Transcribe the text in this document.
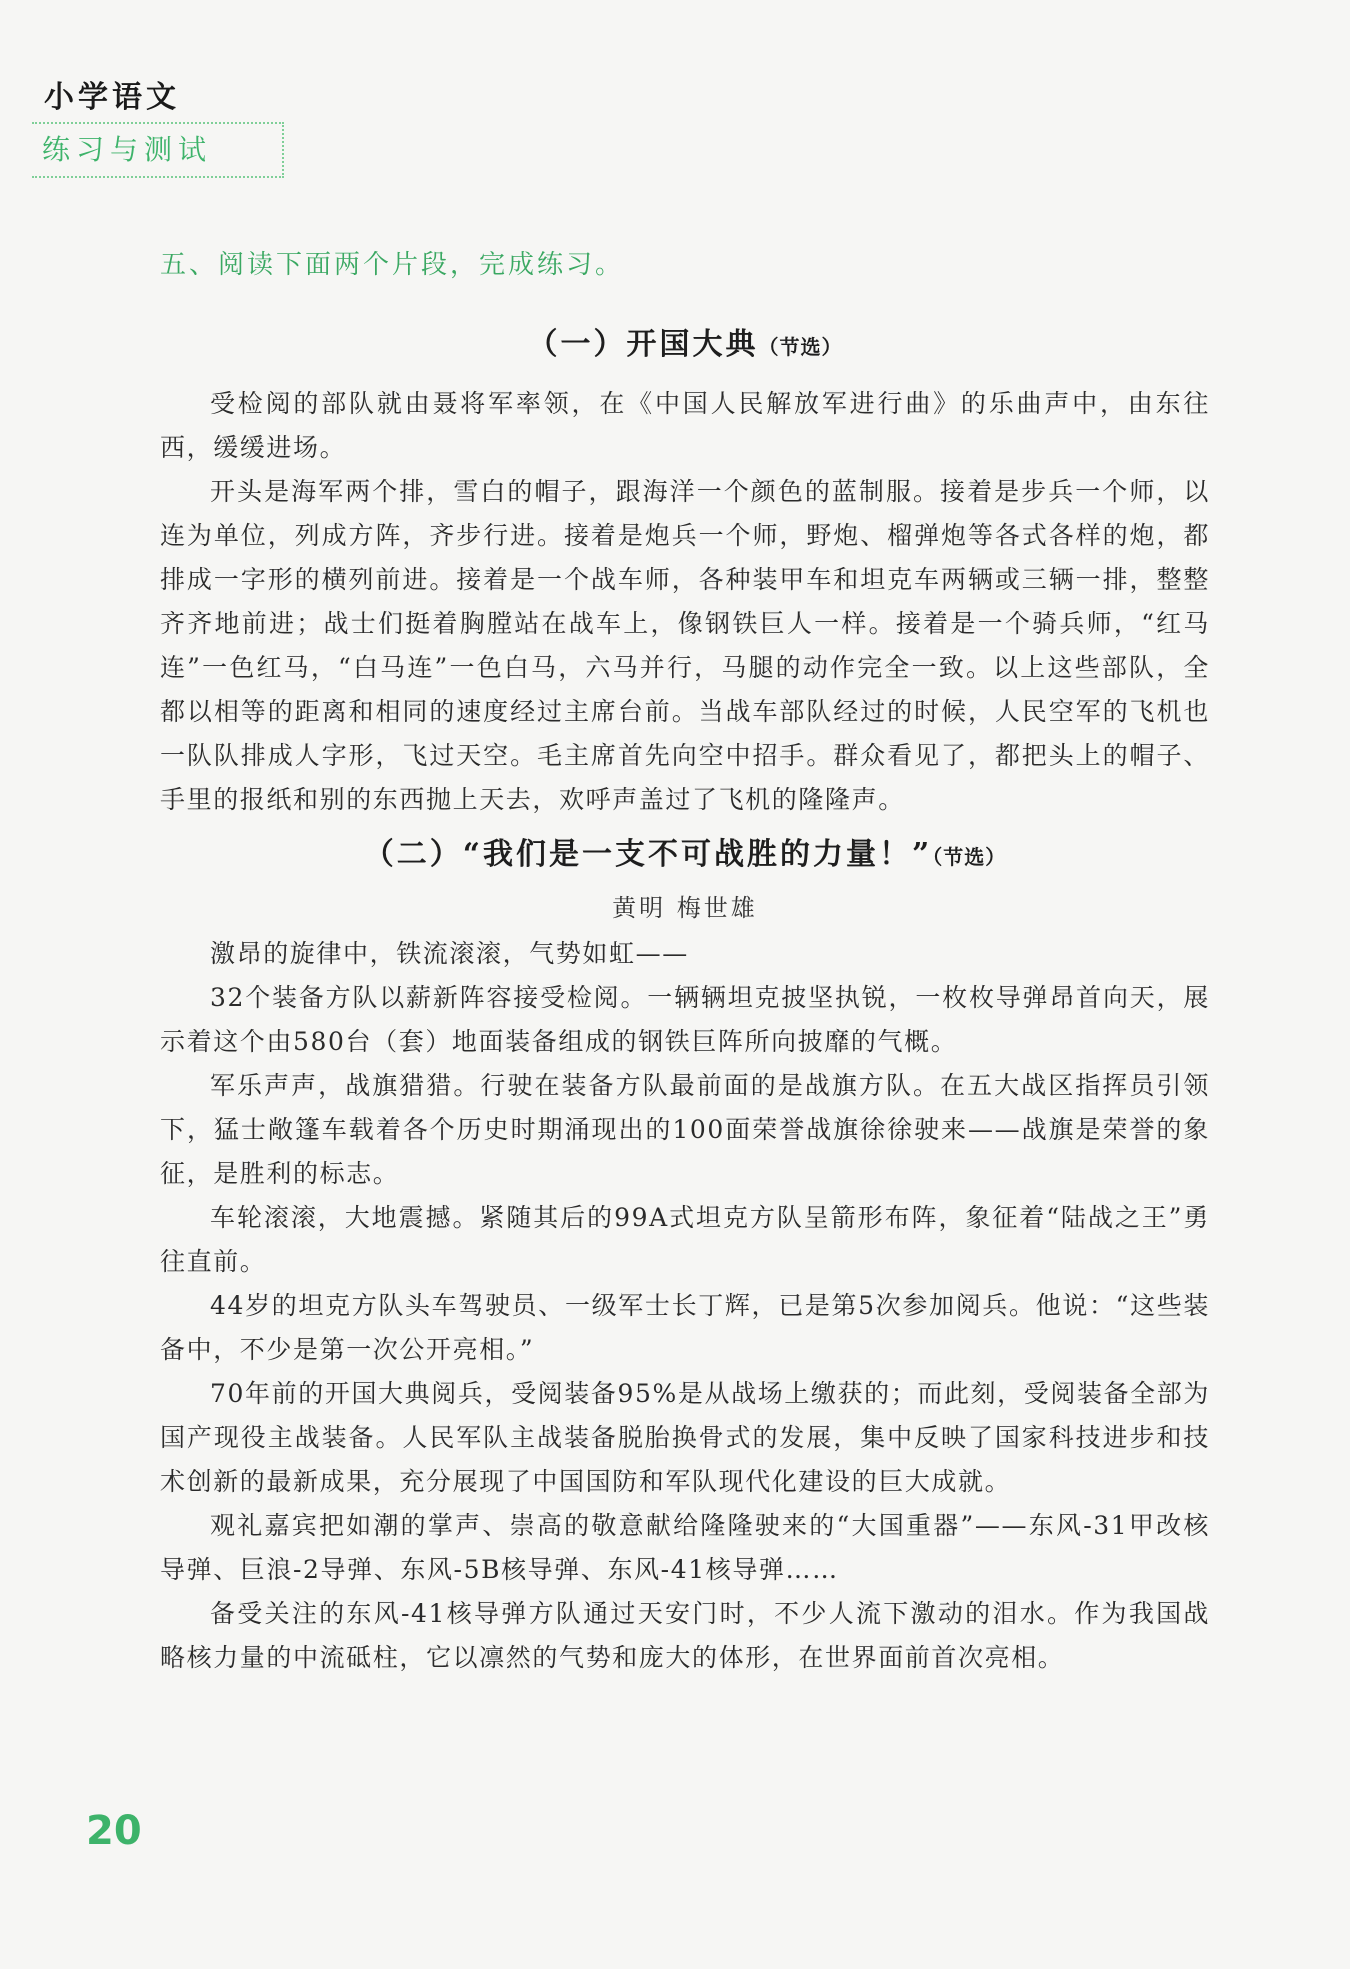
小学语文
练习与测试
五、阅读下面两个片段，完成练习。
（一）开国大典（节选）

受检阅的部队就由聂将军率领，在《中国人民解放军进行曲》的乐曲声中，由东往西，缓缓进场。

开头是海军两个排，雪白的帽子，跟海洋一个颜色的蓝制服。接着是步兵一个师，以连为单位，列成方阵，齐步行进。接着是炮兵一个师，野炮、榴弹炮等各式各样的炮，都排成一字形的横列前进。接着是一个战车师，各种装甲车和坦克车两辆或三辆一排，整整齐齐地前进；战士们挺着胸膛站在战车上，像钢铁巨人一样。接着是一个骑兵师，“红马连”一色红马，“白马连”一色白马，六马并行，马腿的动作完全一致。以上这些部队，全都以相等的距离和相同的速度经过主席台前。当战车部队经过的时候，人民空军的飞机也一队队排成人字形，飞过天空。毛主席首先向空中招手。群众看见了，都把头上的帽子、手里的报纸和别的东西抛上天去，欢呼声盖过了飞机的隆隆声。

（二）“我们是一支不可战胜的力量！”（节选）

黄明 梅世雄

激昂的旋律中，铁流滚滚，气势如虹——

32个装备方队以薪新阵容接受检阅。一辆辆坦克披坚执锐，一枚枚导弹昂首向天，展示着这个由580台（套）地面装备组成的钢铁巨阵所向披靡的气概。

军乐声声，战旗猎猎。行驶在装备方队最前面的是战旗方队。在五大战区指挥员引领下，猛士敞篷车载着各个历史时期涌现出的100面荣誉战旗徐徐驶来——战旗是荣誉的象征，是胜利的标志。

车轮滚滚，大地震撼。紧随其后的99A式坦克方队呈箭形布阵，象征着“陆战之王”勇往直前。

44岁的坦克方队头车驾驶员、一级军士长丁辉，已是第5次参加阅兵。他说：“这些装备中，不少是第一次公开亮相。”

70年前的开国大典阅兵，受阅装备95%是从战场上缴获的；而此刻，受阅装备全部为国产现役主战装备。人民军队主战装备脱胎换骨式的发展，集中反映了国家科技进步和技术创新的最新成果，充分展现了中国国防和军队现代化建设的巨大成就。

观礼嘉宾把如潮的掌声、崇高的敬意献给隆隆驶来的“大国重器”——东风-31甲改核导弹、巨浪-2导弹、东风-5B核导弹、东风-41核导弹……

备受关注的东风-41核导弹方队通过天安门时，不少人流下激动的泪水。作为我国战略核力量的中流砥柱，它以凛然的气势和庞大的体形，在世界面前首次亮相。

20
